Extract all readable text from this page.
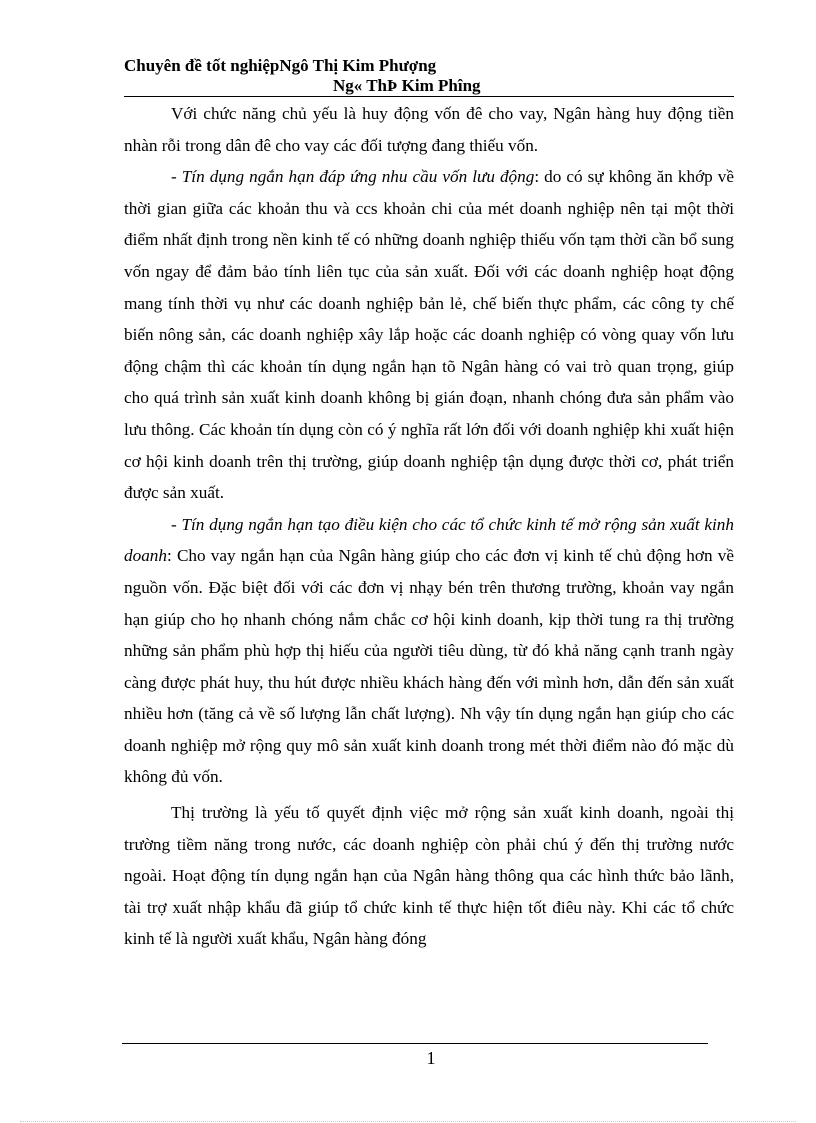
Chuyên đề tốt nghiệpNgô Thị Kim Phượng
Ng« ThÞ Kim Phîng

Với chức năng chủ yếu là huy động vốn đê cho vay, Ngân hàng huy động tiền nhàn rỗi trong dân đê cho vay các đối tượng đang thiếu vốn.

- Tín dụng ngắn hạn đáp ứng nhu cầu vốn lưu động: do có sự không ăn khớp về thời gian giữa các khoản thu và ccs khoản chi của mét doanh nghiệp nên tại một thời điểm nhất định trong nền kinh tế có những doanh nghiệp thiếu vốn tạm thời cần bổ sung vốn ngay để đảm bảo tính liên tục của sản xuất. Đối với các doanh nghiệp hoạt động mang tính thời vụ như các doanh nghiệp bản lẻ, chế biến thực phẩm, các công ty chế biến nông sản, các doanh nghiệp xây lắp hoặc các doanh nghiệp có vòng quay vốn lưu động chậm thì các khoản tín dụng ngắn hạn tõ Ngân hàng có vai trò quan trọng, giúp cho quá trình sản xuất kinh doanh không bị gián đoạn, nhanh chóng đưa sản phẩm vào lưu thông. Các khoản tín dụng còn có ý nghĩa rất lớn đối với doanh nghiệp khi xuất hiện cơ hội kinh doanh trên thị trường, giúp doanh nghiệp tận dụng được thời cơ, phát triển được sản xuất.

- Tín dụng ngắn hạn tạo điều kiện cho các tổ chức kinh tế mở rộng sản xuất kinh doanh: Cho vay ngắn hạn của Ngân hàng giúp cho các đơn vị kinh tế chủ động hơn về nguồn vốn. Đặc biệt đối với các đơn vị nhạy bén trên thương trường, khoản vay ngắn hạn giúp cho họ nhanh chóng nắm chắc cơ hội kinh doanh, kịp thời tung ra thị trường những sản phẩm phù hợp thị hiếu của người tiêu dùng, từ đó khả năng cạnh tranh ngày càng được phát huy, thu hút được nhiều khách hàng đến với mình hơn, dẫn đến sản xuất nhiều hơn (tăng cả về số lượng lẫn chất lượng). Nh vậy tín dụng ngắn hạn giúp cho các doanh nghiệp mở rộng quy mô sản xuất kinh doanh trong mét thời điểm nào đó mặc dù không đủ vốn.

Thị trường là yếu tố quyết định việc mở rộng sản xuất kinh doanh, ngoài thị trường tiềm năng trong nước, các doanh nghiệp còn phải chú ý đến thị trường nước ngoài. Hoạt động tín dụng ngắn hạn của Ngân hàng thông qua các hình thức bảo lãnh, tài trợ xuất nhập khẩu đã giúp tổ chức kinh tế thực hiện tốt điêu này. Khi các tổ chức kinh tế là người xuất khẩu, Ngân hàng đóng

1
